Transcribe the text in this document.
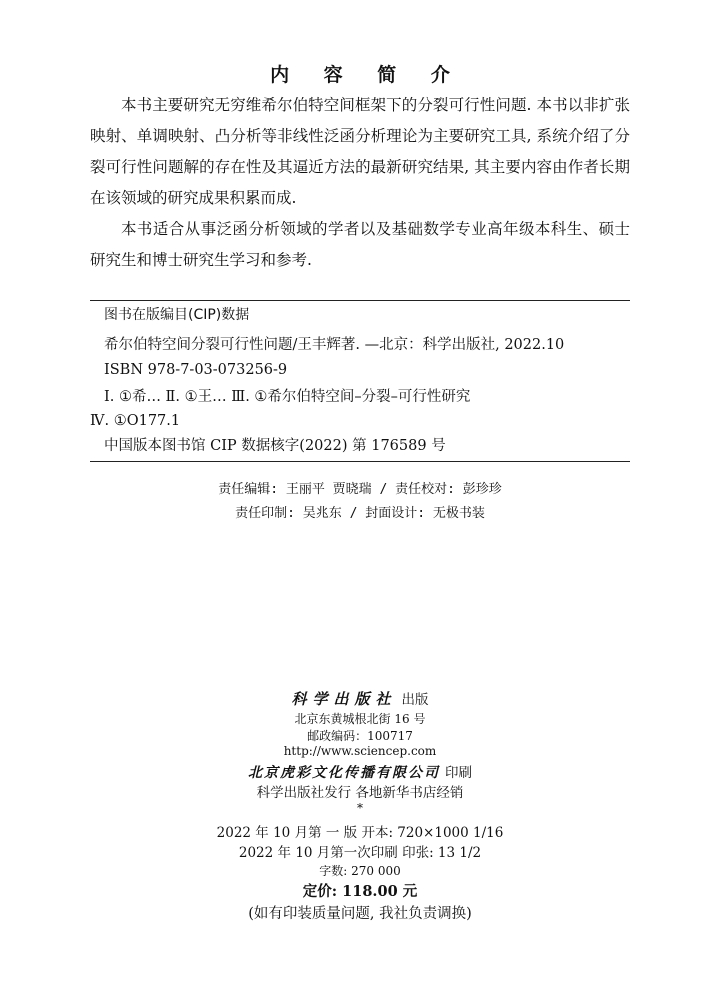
内 容 简 介

本书主要研究无穷维希尔伯特空间框架下的分裂可行性问题. 本书以非扩张映射、单调映射、凸分析等非线性泛函分析理论为主要研究工具, 系统介绍了分裂可行性问题解的存在性及其逼近方法的最新研究结果, 其主要内容由作者长期在该领域的研究成果积累而成.

本书适合从事泛函分析领域的学者以及基础数学专业高年级本科生、硕士研究生和博士研究生学习和参考.

图书在版编目(CIP)数据
希尔伯特空间分裂可行性问题/王丰辉著. —北京：科学出版社, 2022.10
ISBN 978-7-03-073256-9
Ⅰ. ①希… Ⅱ. ①王… Ⅲ. ①希尔伯特空间–分裂–可行性研究
Ⅳ. ①O177.1
中国版本图书馆 CIP 数据核字(2022) 第 176589 号
责任编辑: 王丽平 贾晓瑞 / 责任校对: 彭珍珍
责任印制: 吴兆东 / 封面设计: 无极书装
科学出版社 出版
北京东黄城根北街 16 号
邮政编码：100717
http://www.sciencep.com
北京虎彩文化传播有限公司 印刷
科学出版社发行 各地新华书店经销
*
2022 年 10 月第 一 版 开本: 720×1000 1/16
2022 年 10 月第一次印刷 印张: 13 1/2
字数: 270 000
定价: 118.00 元
(如有印装质量问题, 我社负责调换)
